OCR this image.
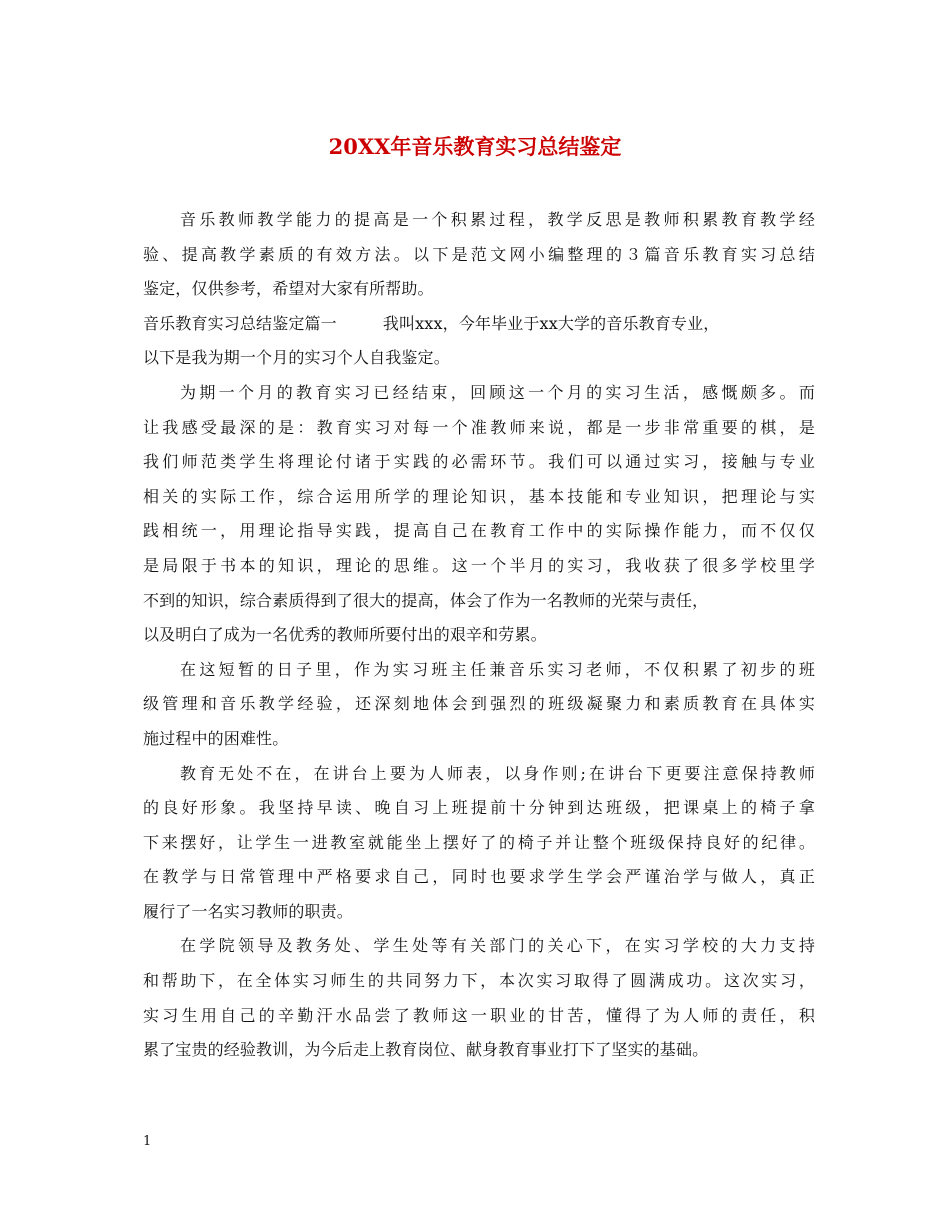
20XX年音乐教育实习总结鉴定
音乐教师教学能力的提高是一个积累过程，教学反思是教师积累教育教学经
验、提高教学素质的有效方法。以下是范文网小编整理的３篇音乐教育实习总结
鉴定，仅供参考，希望对大家有所帮助。
音乐教育实习总结鉴定篇一	我叫xxx，今年毕业于xx大学的音乐教育专业，
以下是我为期一个月的实习个人自我鉴定。
为期一个月的教育实习已经结束，回顾这一个月的实习生活，感慨颇多。而
让我感受最深的是：教育实习对每一个准教师来说，都是一步非常重要的棋，是
我们师范类学生将理论付诸于实践的必需环节。我们可以通过实习，接触与专业
相关的实际工作，综合运用所学的理论知识，基本技能和专业知识，把理论与实
践相统一，用理论指导实践，提高自己在教育工作中的实际操作能力，而不仅仅
是局限于书本的知识，理论的思维。这一个半月的实习，我收获了很多学校里学
不到的知识，综合素质得到了很大的提高，体会了作为一名教师的光荣与责任，
以及明白了成为一名优秀的教师所要付出的艰辛和劳累。
在这短暂的日子里，作为实习班主任兼音乐实习老师，不仅积累了初步的班
级管理和音乐教学经验，还深刻地体会到强烈的班级凝聚力和素质教育在具体实
施过程中的困难性。
教育无处不在，在讲台上要为人师表，以身作则;在讲台下更要注意保持教师
的良好形象。我坚持早读、晚自习上班提前十分钟到达班级，把课桌上的椅子拿
下来摆好，让学生一进教室就能坐上摆好了的椅子并让整个班级保持良好的纪律。
在教学与日常管理中严格要求自己，同时也要求学生学会严谨治学与做人，真正
履行了一名实习教师的职责。
在学院领导及教务处、学生处等有关部门的关心下，在实习学校的大力支持
和帮助下，在全体实习师生的共同努力下，本次实习取得了圆满成功。这次实习，
实习生用自己的辛勤汗水品尝了教师这一职业的甘苦，懂得了为人师的责任，积
累了宝贵的经验教训，为今后走上教育岗位、献身教育事业打下了坚实的基础。
1
